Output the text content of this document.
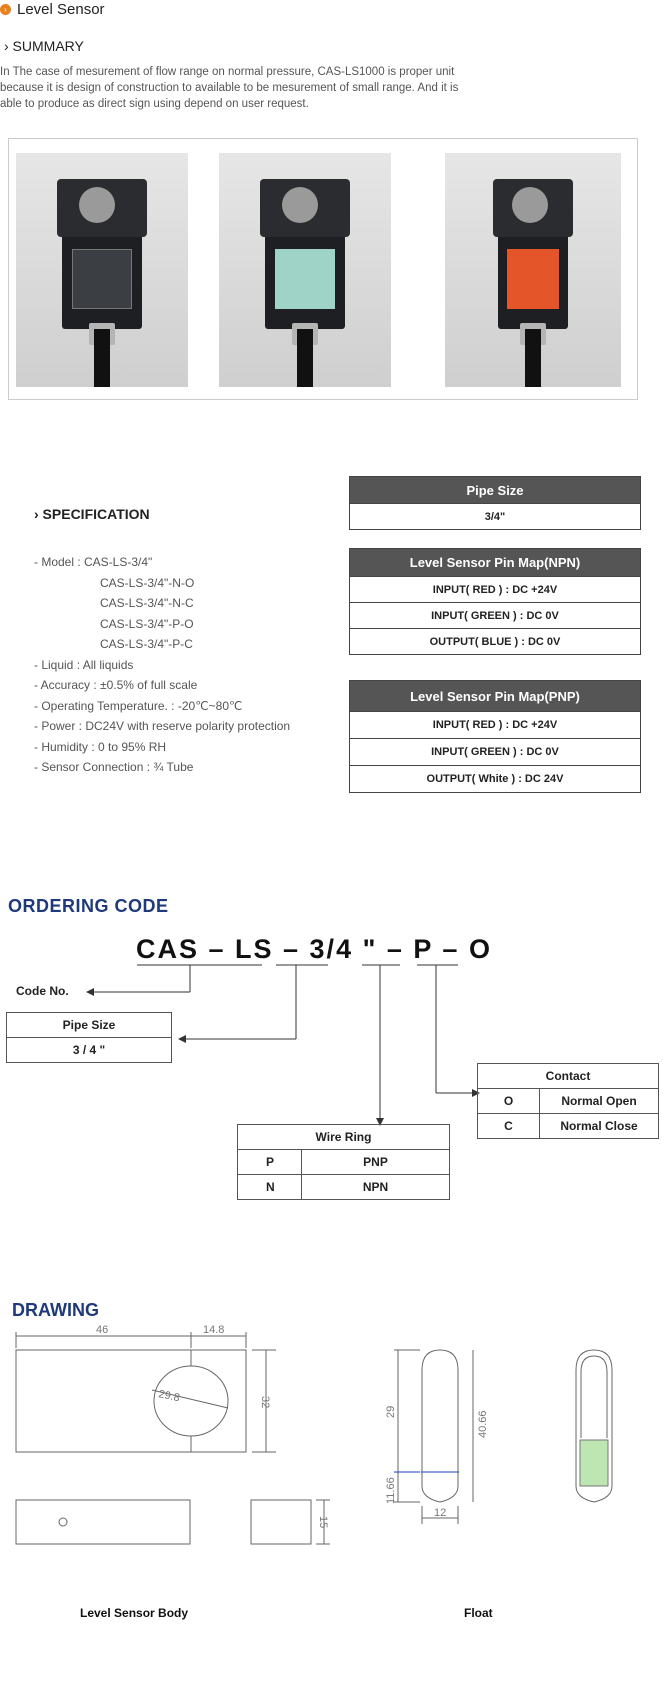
› Level Sensor
› SUMMARY
In The case of mesurement of flow range on normal pressure, CAS-LS1000 is proper unit
because it is design of construction to available to be mesurement of small range. And it is
able to produce as direct sign using depend on user request.
› SPECIFICATION
- Model : CAS-LS-3/4"
CAS-LS-3/4"-N-O
CAS-LS-3/4"-N-C
CAS-LS-3/4"-P-O
CAS-LS-3/4"-P-C
- Liquid : All liquids
- Accuracy : ±0.5% of full scale
- Operating Temperature. : -20℃~80℃
- Power : DC24V with reserve polarity protection
- Humidity : 0 to 95% RH
- Sensor Connection : ¾ Tube
Pipe Size
3/4"
Level Sensor Pin Map(NPN)
INPUT( RED ) : DC +24V
INPUT( GREEN ) : DC 0V
OUTPUT( BLUE ) : DC 0V
Level Sensor Pin Map(PNP)
INPUT( RED ) : DC +24V
INPUT( GREEN ) : DC 0V
OUTPUT( White ) : DC 24V
ORDERING CODE
CAS – LS – 3/4 " – P – O
Code No.
Pipe Size
3 / 4 "
Wire Ring	
P	PNP
N	NPN
Contact	
O	Normal Open
C	Normal Close
DRAWING
46	14.8
29.8	32
15
29
11.66
40.66
12
Level Sensor Body	Float
